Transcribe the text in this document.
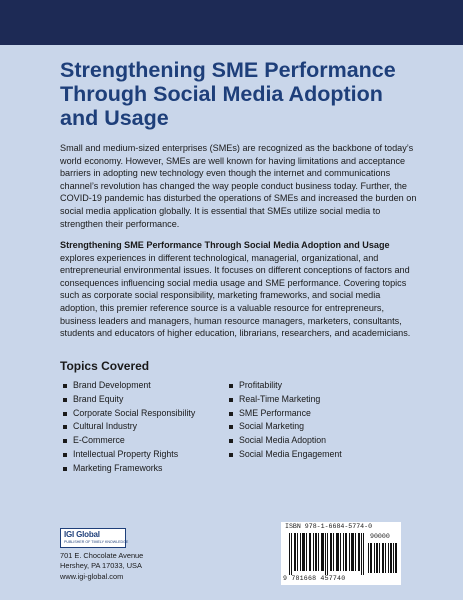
Strengthening SME Performance
Through Social Media Adoption
and Usage

Small and medium-sized enterprises (SMEs) are recognized as the backbone of today’s world economy. However, SMEs are well known for having limitations and acceptance barriers in adopting new technology even though the internet and communications channel’s revolution has changed the way people conduct business today. Further, the COVID-19 pandemic has disturbed the operations of SMEs and increased the burden on social media application globally. It is essential that SMEs utilize social media to strengthen their performance.

Strengthening SME Performance Through Social Media Adoption and Usage explores experiences in different technological, managerial, organizational, and entrepreneurial environmental issues. It focuses on different conceptions of factors and consequences influencing social media usage and SME performance. Covering topics such as corporate social responsibility, marketing frameworks, and social media adoption, this premier reference source is a valuable resource for entrepreneurs, business leaders and managers, human resource managers, marketers, consultants, students and educators of higher education, librarians, researchers, and academicians.

Topics Covered
Brand Development
Brand Equity
Corporate Social Responsibility
Cultural Industry
E-Commerce
Intellectual Property Rights
Marketing Frameworks
Profitability
Real-Time Marketing
SME Performance
Social Marketing
Social Media Adoption
Social Media Engagement
IGI Global
PUBLISHER OF TIMELY KNOWLEDGE

701 E. Chocolate Avenue
Hershey, PA 17033, USA
www.igi-global.com

ISBN 978-1-6684-5774-0
90000
9 781668 457740
